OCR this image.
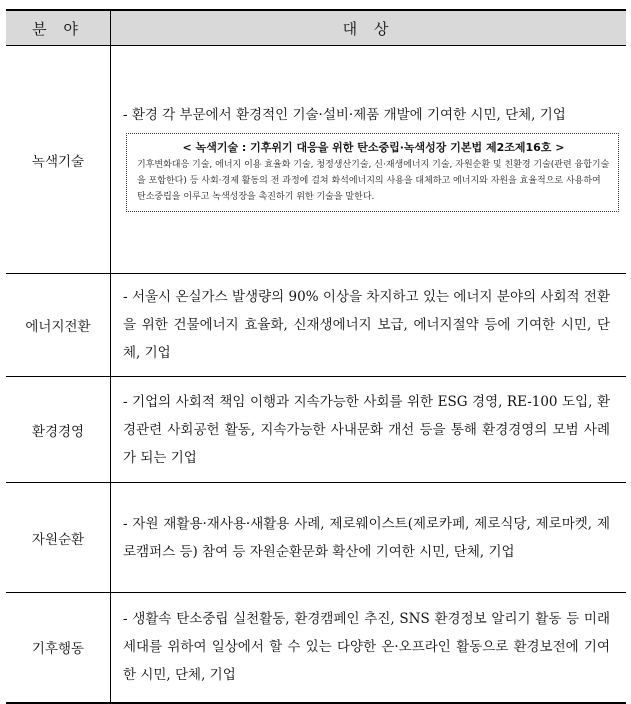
분 야	대 상
녹색기술	- 환경 각 부문에서 환경적인 기술·설비·제품 개발에 기여한 시민, 단체, 기업
< 녹색기술 : 기후위기 대응을 위한 탄소중립·녹색성장 기본법 제2조제16호 >
기후변화대응 기술, 에너지 이용 효율화 기술, 청정생산기술, 신·재생에너지 기술, 자원순환 및 친환경 기술(관련 융합기술을 포함한다) 등 사회·경제 활동의 전 과정에 걸쳐 화석에너지의 사용을 대체하고 에너지와 자원을 효율적으로 사용하여 탄소중립을 이루고 녹색성장을 촉진하기 위한 기술을 말한다.

에너지전환	- 서울시 온실가스 발생량의 90% 이상을 차지하고 있는 에너지 분야의 사회적 전환을 위한 건물에너지 효율화, 신재생에너지 보급, 에너지절약 등에 기여한 시민, 단체, 기업

환경경영	- 기업의 사회적 책임 이행과 지속가능한 사회를 위한 ESG 경영, RE-100 도입, 환경관련 사회공헌 활동, 지속가능한 사내문화 개선 등을 통해 환경경영의 모범 사례가 되는 기업

자원순환	- 자원 재활용·재사용·새활용 사례, 제로웨이스트(제로카페, 제로식당, 제로마켓, 제로캠퍼스 등) 참여 등 자원순환문화 확산에 기여한 시민, 단체, 기업

기후행동	- 생활속 탄소중립 실천활동, 환경캠페인 추진, SNS 환경정보 알리기 활동 등 미래세대를 위하여 일상에서 할 수 있는 다양한 온·오프라인 활동으로 환경보전에 기여한 시민, 단체, 기업
